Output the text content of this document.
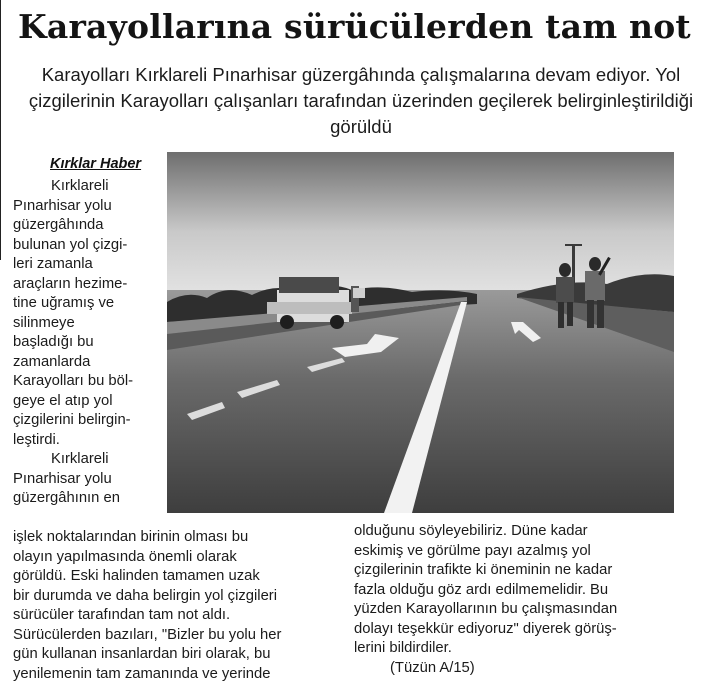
Karayollarına sürücülerden tam not
Karayolları Kırklareli Pınarhisar güzergâhında çalışmalarına devam ediyor. Yol çizgilerinin Karayolları çalışanları tarafından üzerinden geçilerek belirginleştirildiği görüldü
Kırklar Haber
Kırklareli
Pınarhisar yolu
güzergâhında
bulunan yol çizgi-
leri zamanla
araçların hezime-
tine uğramış ve
silinmeye
başladığı bu
zamanlarda
Karayolları bu böl-
geye el atıp yol
çizgilerini belirgin-
leştirdi.
Kırklareli
Pınarhisar yolu
güzergâhının en
işlek noktalarından birinin olması bu
olayın yapılmasında önemli olarak
görüldü. Eski halinden tamamen uzak
bir durumda ve daha belirgin yol çizgileri
sürücüler tarafından tam not aldı.
Sürücülerden bazıları, "Bizler bu yolu her
gün kullanan insanlardan biri olarak, bu
yenilemenin tam zamanında ve yerinde
olduğunu söyleyebiliriz. Düne kadar
eskimiş ve görülme payı azalmış yol
çizgilerinin trafikte ki öneminin ne kadar
fazla olduğu göz ardı edilmemelidir. Bu
yüzden Karayollarının bu çalışmasından
dolayı teşekkür ediyoruz" diyerek görüş-
lerini bildirdiler.
(Tüzün A/15)
